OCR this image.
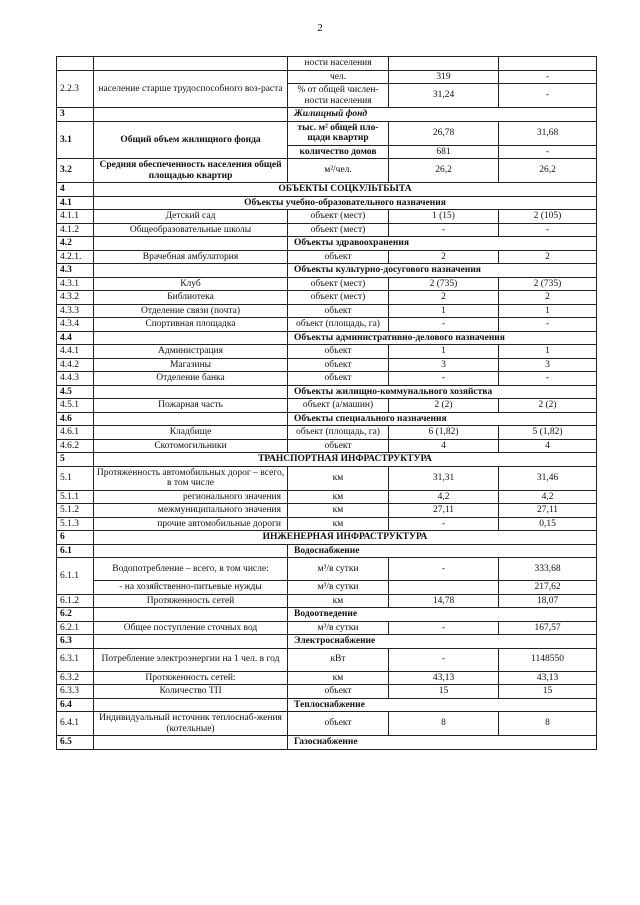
2
		ности населения		
2.2.3	население старше трудоспособного воз-раста	чел.	319	-
		% от общей числен-ности населения	31,24	-
3		Жилищный фонд		
3.1	Общий объем жилищного фонда	тыс. м² общей пло-щади квартир	26,78	31,68
		количество домов	681	-
3.2	Средняя обеспеченность населения общей площадью квартир	м²/чел.	26,2	26,2
4	ОБЪЕКТЫ СОЦКУЛЬТБЫТА			
4.1	Объекты учебно-образовательного назначения			
4.1.1	Детский сад	объект (мест)	1 (15)	2 (105)
4.1.2	Общеобразовательные школы	объект (мест)	-	-
4.2		Объекты здравоохранения		
4.2.1.	Врачебная амбулатория	объект	2	2
4.3		Объекты культурно-досугового назначения		
4.3.1	Клуб	объект (мест)	2 (735)	2 (735)
4.3.2	Библиотека	объект (мест)	2	2
4.3.3	Отделение связи (почта)	объект	1	1
4.3.4	Спортивная площадка	объект (площадь, га)	-	-
4.4		Объекты административно-делового назначения		
4.4.1	Администрация	объект	1	1
4.4.2	Магазины	объект	3	3
4.4.3	Отделение банка	объект	-	-
4.5		Объекты жилищно-коммунального хозяйства		
4.5.1	Пожарная часть	объект (а/машин)	2 (2)	2 (2)
4.6		Объекты специального назначения		
4.6.1	Кладбище	объект (площадь, га)	6 (1,82)	5 (1,82)
4.6.2	Скотомогильники	объект	4	4
5	ТРАНСПОРТНАЯ ИНФРАСТРУКТУРА			
5.1	Протяженность автомобильных дорог – всего, в том числе	км	31,31	31,46
5.1.1	регионального значения	км	4,2	4,2
5.1.2	межмуниципального значения	км	27,11	27,11
5.1.3	прочие автомобильные дороги	км	-	0,15
6	ИНЖЕНЕРНАЯ ИНФРАСТРУКТУРА			
6.1		Водоснабжение		
6.1.1	Водопотребление – всего, в том числе:	м³/в сутки	-	333,68
	- на хозяйственно-питьевые нужды	м³/в сутки		217,62
6.1.2	Протяженность сетей	км	14,78	18,07
6.2		Водоотведение		
6.2.1	Общее поступление сточных вод	м³/в сутки	-	167,57
6.3		Электроснабжение		
6.3.1	Потребление электроэнергии на 1 чел. в год	кВт	-	1148550
6.3.2	Протяженность сетей:	км	43,13	43,13
6.3.3	Количество ТП	объект	15	15
6.4		Теплоснабжение		
6.4.1	Индивидуальный источник теплоснаб-жения (котельные)	объект	8	8
6.5		Газоснабжение		
